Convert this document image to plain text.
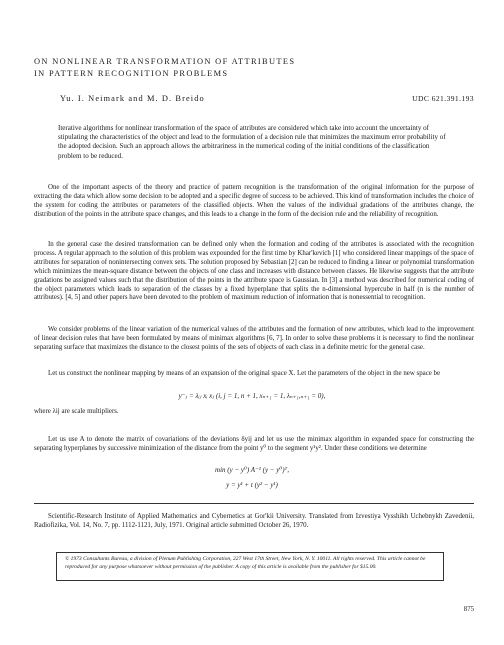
ON NONLINEAR TRANSFORMATION OF ATTRIBUTES
IN PATTERN RECOGNITION PROBLEMS
Yu. I. Neimark and M. D. Breido	UDC 621.391.193

Iterative algorithms for nonlinear transformation of the space of attributes are considered which take into account the uncertainty of stipulating the characteristics of the object and lead to the formulation of a decision rule that minimizes the maximum error probability of the adopted decision. Such an approach allows the arbitrariness in the numerical coding of the initial conditions of the classification problem to be reduced.

One of the important aspects of the theory and practice of pattern recognition is the transformation of the original information for the purpose of extracting the data which allow some decision to be adopted and a specific degree of success to be achieved. This kind of transformation includes the choice of the system for coding the attributes or parameters of the classified objects. When the values of the individual gradations of the attributes change, the distribution of the points in the attribute space changes, and this leads to a change in the form of the decision rule and the reliability of recognition.

In the general case the desired transformation can be defined only when the formation and coding of the attributes is associated with the recognition process. A regular approach to the solution of this problem was expounded for the first time by Khar'kevich [1] who considered linear mappings of the space of attributes for separation of nonintersecting convex sets. The solution proposed by Sebastian [2] can be reduced to finding a linear or polynomial transformation which minimizes the mean-square distance between the objects of one class and increases with distance between classes. He likewise suggests that the attribute gradations be assigned values such that the distribution of the points in the attribute space is Gaussian. In [3] a method was described for numerical coding of the object parameters which leads to separation of the classes by a fixed hyperplane that splits the n-dimensional hypercube in half (n is the number of attributes). [4, 5] and other papers have been devoted to the problem of maximum reduction of information that is nonessential to recognition.

We consider problems of the linear variation of the numerical values of the attributes and the formation of new attributes, which lead to the improvement of linear decision rules that have been formulated by means of minimax algorithms [6, 7]. In order to solve these problems it is necessary to find the nonlinear separating surface that maximizes the distance to the closest points of the sets of objects of each class in a definite metric for the general case.

Let us construct the nonlinear mapping by means of an expansion of the original space X. Let the parameters of the object in the new space be

y⁻ⱼ = λᵢⱼ xᵢ xⱼ (i, j = 1, n + 1, xₙ₊₁ = 1, λₙ₊₁,ₙ₊₁ = 0),

where λij are scale multipliers.

Let us use A to denote the matrix of covariations of the deviations δyij and let us use the minimax algorithm in expanded space for constructing the separating hyperplanes by successive minimization of the distance from the point y⁰ to the segment y¹y². Under these conditions we determine

min (y − y⁰) A⁻¹ (y − y⁰)ᵀ,
y = y¹ + t (y² − y¹)

Scientific-Research Institute of Applied Mathematics and Cybernetics at Gor'kii University. Translated from Izvestiya Vysshikh Uchebnykh Zavedenii, Radiofizika, Vol. 14, No. 7, pp. 1112-1121, July, 1971. Original article submitted October 26, 1970.

© 1973 Consultants Bureau, a division of Plenum Publishing Corporation, 227 West 17th Street, New York, N. Y. 10011. All rights reserved. This article cannot be reproduced for any purpose whatsoever without permission of the publisher. A copy of this article is available from the publisher for $15.00.
875
